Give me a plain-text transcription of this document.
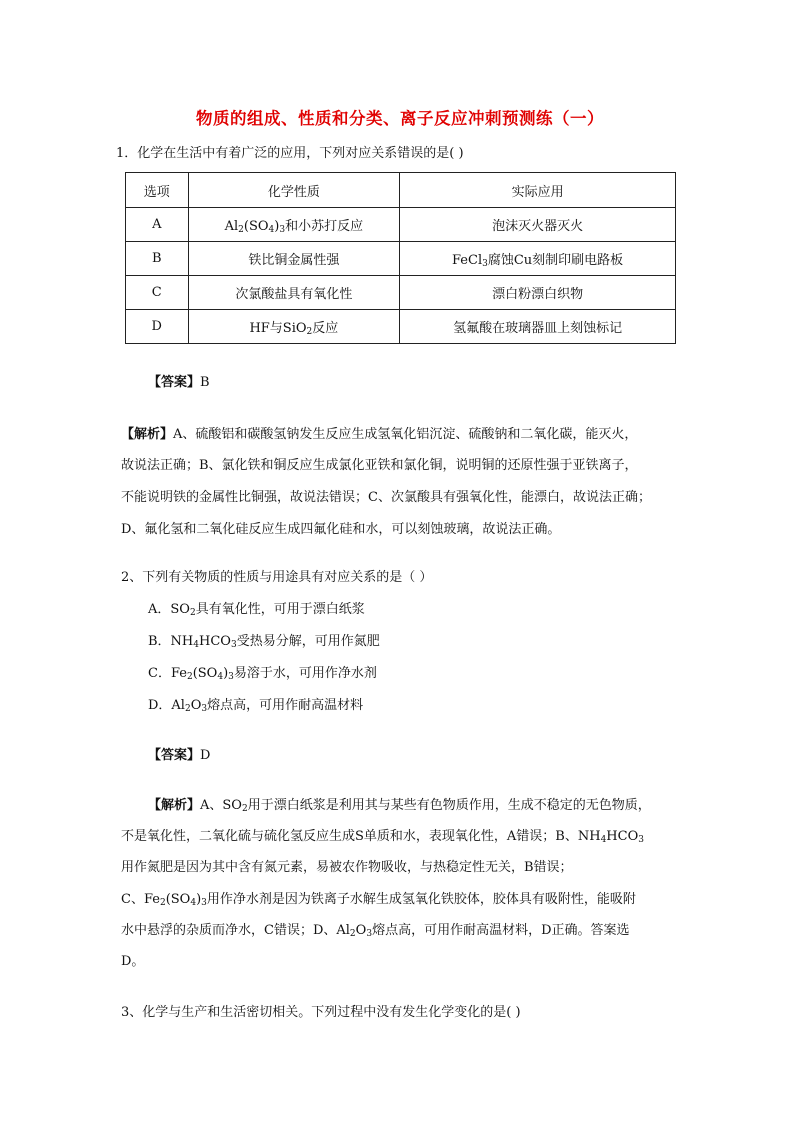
物质的组成、性质和分类、离子反应冲刺预测练（一）
1．化学在生活中有着广泛的应用，下列对应关系错误的是( )
选项	化学性质	实际应用
A	$Al_2(SO_4)_3$和小苏打反应	泡沫灭火器灭火
B	铁比铜金属性强	FeCl$_3$腐蚀Cu刻制印刷电路板
C	次氯酸盐具有氧化性	漂白粉漂白织物
D	HF与SiO$_2$反应	氢氟酸在玻璃器皿上刻蚀标记
【答案】B
【解析】A、硫酸铝和碳酸氢钠发生反应生成氢氧化铝沉淀、硫酸钠和二氧化碳，能灭火，
故说法正确；B、氯化铁和铜反应生成氯化亚铁和氯化铜，说明铜的还原性强于亚铁离子，
不能说明铁的金属性比铜强，故说法错误；C、次氯酸具有强氧化性，能漂白，故说法正确；
D、氟化氢和二氧化硅反应生成四氟化硅和水，可以刻蚀玻璃，故说法正确。
2、下列有关物质的性质与用途具有对应关系的是（ ）
A．$SO_2$具有氧化性，可用于漂白纸浆
B．$NH_4HCO_3$受热易分解，可用作氮肥
C．$Fe_2(SO_4)_3$易溶于水，可用作净水剂
D．$Al_2O_3$熔点高，可用作耐高温材料
【答案】D
【解析】A、$SO_2$用于漂白纸浆是利用其与某些有色物质作用，生成不稳定的无色物质，
不是氧化性，二氧化硫与硫化氢反应生成S单质和水，表现氧化性，A错误；B、$NH_4HCO_3$
用作氮肥是因为其中含有氮元素，易被农作物吸收，与热稳定性无关，B错误；
C、$Fe_2(SO_4)_3$用作净水剂是因为铁离子水解生成氢氧化铁胶体，胶体具有吸附性，能吸附
水中悬浮的杂质而净水，C错误；D、$Al_2O_3$熔点高，可用作耐高温材料，D正确。答案选
D。
3、化学与生产和生活密切相关。下列过程中没有发生化学变化的是( )
